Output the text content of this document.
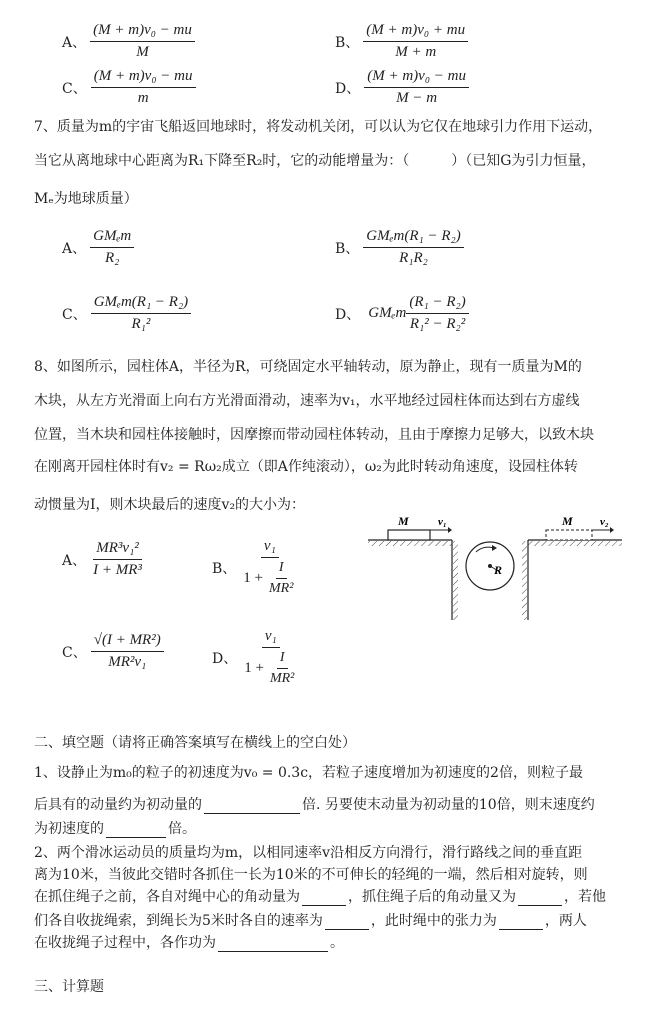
A、 $\frac{\text{(M + m)v₀ − mu}}{M}$	B、 $\frac{\text{(M + m)v₀ + mu}}{M + m}$
C、 $\frac{\text{(M + m)v₀ − mu}}{m}$	D、 $\frac{\text{(M + m)v₀ − mu}}{M - m}$
7、质量为m的宇宙飞船返回地球时，将发动机关闭，可以认为它仅在地球引力作用下运动，
当它从离地球中心距离为R₁下降至R₂时，它的动能增量为：（　　　）（已知G为引力恒量，
Mₑ为地球质量）
A、 $\frac{\text{GMₑm}}{\text{R₂}}$	B、 $\frac{\text{GMₑm(R₁ − R₂)}}{\text{R₁R₂}}$
C、 $\frac{\text{GMₑm(R₁ − R₂)}}{\text{R₁²}}$	D、 GMₑm $\frac{\text{(R₁ − R₂)}}{\text{R₁² − R₂²}}$
8、如图所示，园柱体A，半径为R，可绕固定水平轴转动，原为静止，现有一质量为M的
木块，从左方光滑面上向右方光滑面滑动，速率为v₁，水平地经过园柱体而达到右方虚线
位置，当木块和园柱体接触时，因摩擦而带动园柱体转动，且由于摩擦力足够大，以致木块
在刚离开园柱体时有v₂ = Rω₂成立（即A作纯滚动），ω₂为此时转动角速度，设园柱体转
动惯量为I，则木块最后的速度v₂的大小为：
A、 $\frac{\text{MR³v₁²}}{\text{I + MR³}}$	B、 $\frac{\text{v₁}}{1 + \frac{I}{\text{MR²}}}$
C、 $\frac{\text{√(I + MR²)}}{\text{MR²v₁}}$	D、 $\frac{\text{v₁}}{1 + \frac{I}{\text{MR²}}}$
M	v₁
R
M v₂
二、填空题（请将正确答案填写在横线上的空白处）
1、设静止为m₀的粒子的初速度为v₀ = 0.3c，若粒子速度增加为初速度的2倍，则粒子最
后具有的动量约为初动量的	倍. 另要使末动量为初动量的10倍，则末速度约
为初速度的	倍。
2、两个滑冰运动员的质量均为m，以相同速率v沿相反方向滑行，滑行路线之间的垂直距
离为10米，当彼此交错时各抓住一长为10米的不可伸长的轻绳的一端，然后相对旋转，则
在抓住绳子之前，各自对绳中心的角动量为	，抓住绳子后的角动量又为	，若他
们各自收拢绳索，到绳长为5米时各自的速率为	，此时绳中的张力为	，两人
在收拢绳子过程中，各作功为	。
三、计算题
